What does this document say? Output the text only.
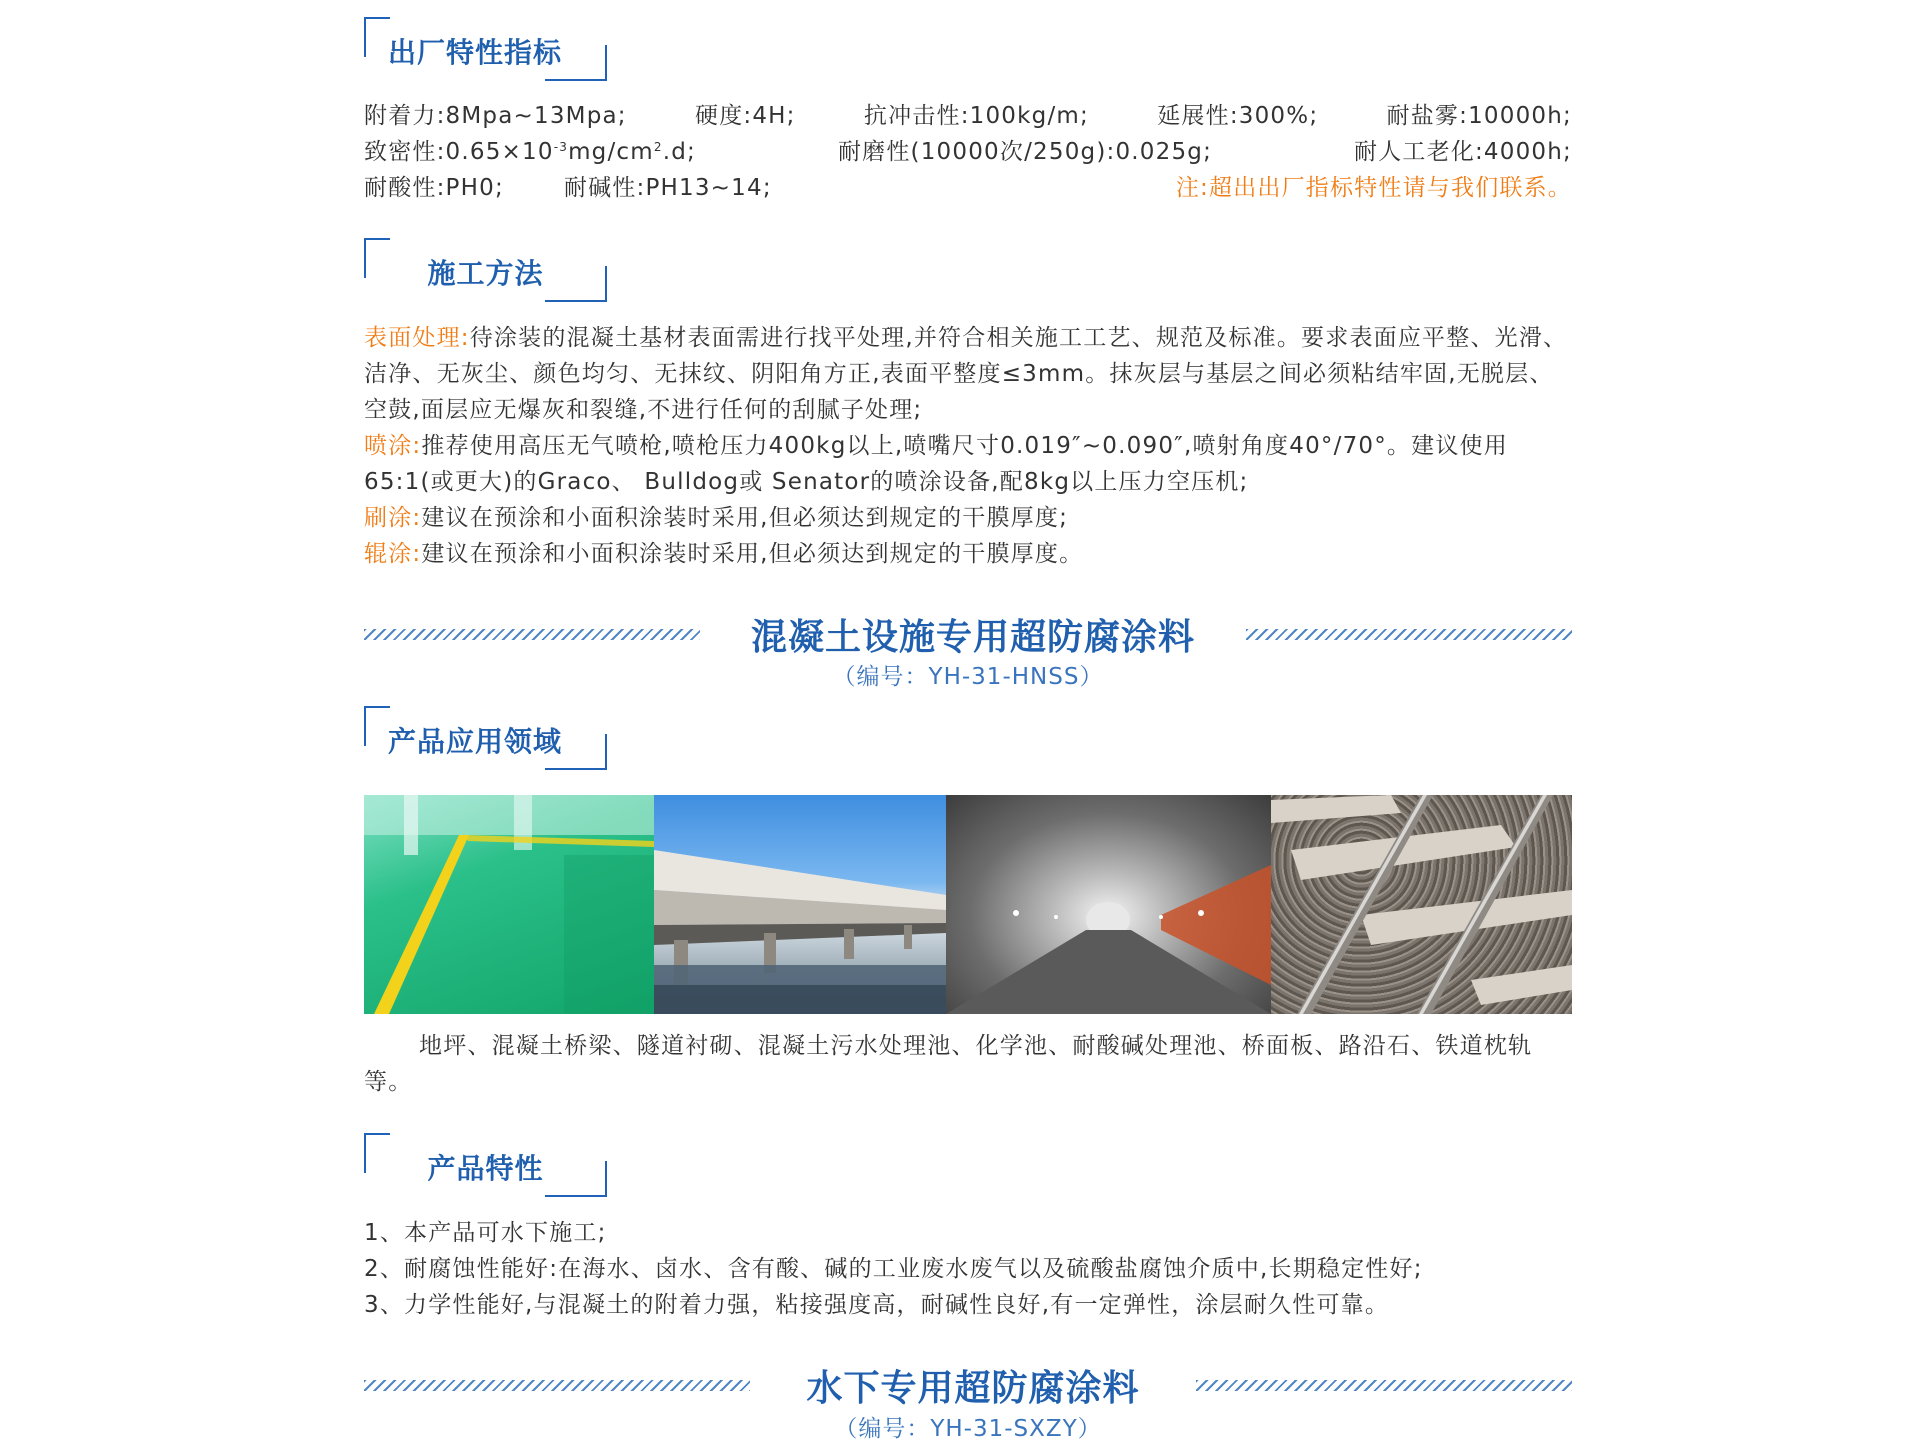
出厂特性指标
附着力:8Mpa~13Mpa;	硬度:4H;	抗冲击性:100kg/m;	延展性:300%;	耐盐雾:10000h;
致密性$:0.65\times 10^{-3}mg/cm^2.d$;	耐磨性(10000次/250g):0.025g;	耐人工老化:4000h;
耐酸性:PH0;	耐碱性:PH13~14;	注:超出出厂指标特性请与我们联系。
施工方法

表面处理:待涂装的混凝土基材表面需进行找平处理,并符合相关施工工艺、规范及标准。要求表面应平整、光滑、洁净、无灰尘、颜色均匀、无抹纹、阴阳角方正,表面平整度≤3mm。抹灰层与基层之间必须粘结牢固,无脱层、空鼓,面层应无爆灰和裂缝,不进行任何的刮腻子处理;

喷涂:推荐使用高压无气喷枪,喷枪压力400kg以上,喷嘴尺寸0.019″~0.090″,喷射角度40°/70°。建议使用65:1(或更大)的Graco、 Bulldog或 Senator的喷涂设备,配8kg以上压力空压机;

刷涂:建议在预涂和小面积涂装时采用,但必须达到规定的干膜厚度;

辊涂:建议在预涂和小面积涂装时采用,但必须达到规定的干膜厚度。

混凝土设施专用超防腐涂料
（编号：YH-31-HNSS）
产品应用领域

地坪、混凝土桥梁、隧道衬砌、混凝土污水处理池、化学池、耐酸碱处理池、桥面板、路沿石、铁道枕轨等。

产品特性

1、本产品可水下施工;

2、耐腐蚀性能好:在海水、卤水、含有酸、碱的工业废水废气以及硫酸盐腐蚀介质中,长期稳定性好;

3、力学性能好,与混凝土的附着力强，粘接强度高，耐碱性良好,有一定弹性，涂层耐久性可靠。

水下专用超防腐涂料
（编号：YH-31-SXZY）
